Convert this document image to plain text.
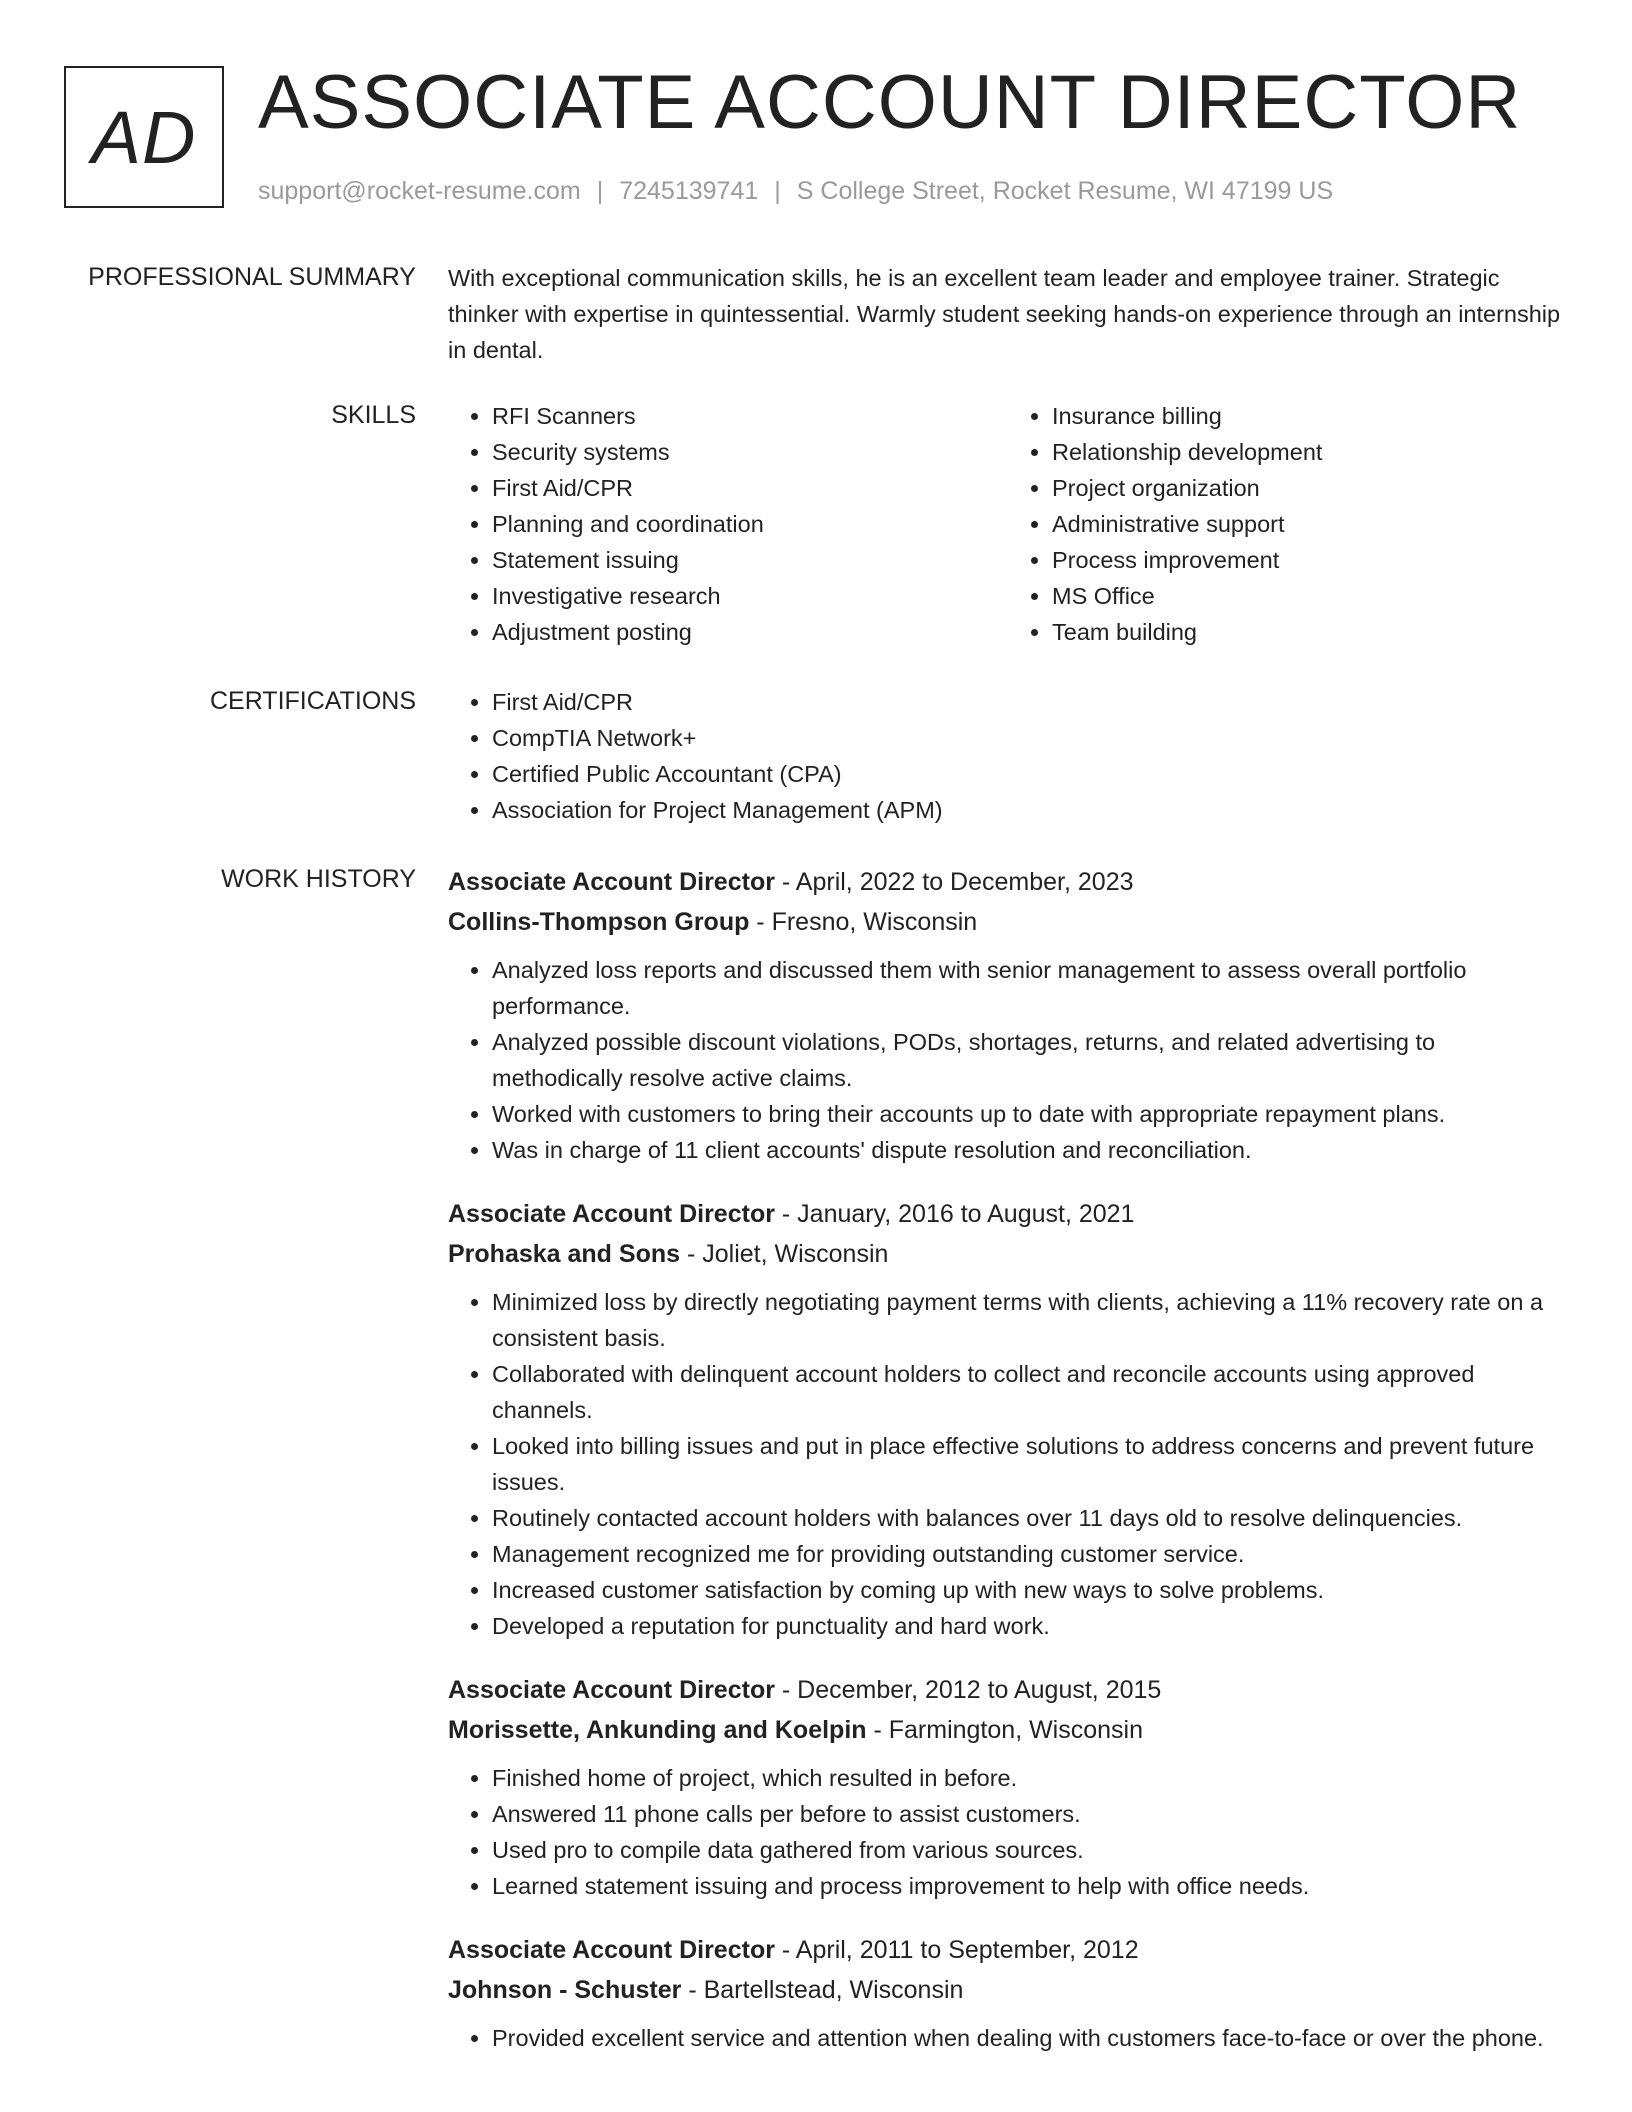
AD ASSOCIATE ACCOUNT DIRECTOR
support@rocket-resume.com | 7245139741 | S College Street, Rocket Resume, WI 47199 US
PROFESSIONAL SUMMARY With exceptional communication skills, he is an excellent team leader and employee trainer. Strategic thinker with expertise in quintessential. Warmly student seeking hands-on experience through an internship in dental.
SKILLS	• RFI Scanners
• Security systems
• First Aid/CPR
• Planning and coordination
• Statement issuing
• Investigative research
• Adjustment posting
• Insurance billing
• Relationship development
• Project organization
• Administrative support
• Process improvement
• MS Office
• Team building
CERTIFICATIONS	• First Aid/CPR
• CompTIA Network+
• Certified Public Accountant (CPA)
• Association for Project Management (APM)
WORK HISTORY Associate Account Director - April, 2022 to December, 2023
Collins-Thompson Group - Fresno, Wisconsin
• Analyzed loss reports and discussed them with senior management to assess overall portfolio performance.
• Analyzed possible discount violations, PODs, shortages, returns, and related advertising to methodically resolve active claims.
• Worked with customers to bring their accounts up to date with appropriate repayment plans.
• Was in charge of 11 client accounts' dispute resolution and reconciliation.
Associate Account Director - January, 2016 to August, 2021
Prohaska and Sons - Joliet, Wisconsin
• Minimized loss by directly negotiating payment terms with clients, achieving a 11% recovery rate on a consistent basis.
• Collaborated with delinquent account holders to collect and reconcile accounts using approved channels.
• Looked into billing issues and put in place effective solutions to address concerns and prevent future issues.
• Routinely contacted account holders with balances over 11 days old to resolve delinquencies.
• Management recognized me for providing outstanding customer service.
• Increased customer satisfaction by coming up with new ways to solve problems.
• Developed a reputation for punctuality and hard work.
Associate Account Director - December, 2012 to August, 2015
Morissette, Ankunding and Koelpin - Farmington, Wisconsin
• Finished home of project, which resulted in before.
• Answered 11 phone calls per before to assist customers.
• Used pro to compile data gathered from various sources.
• Learned statement issuing and process improvement to help with office needs.
Associate Account Director - April, 2011 to September, 2012
Johnson - Schuster - Bartellstead, Wisconsin
• Provided excellent service and attention when dealing with customers face-to-face or over the phone.
